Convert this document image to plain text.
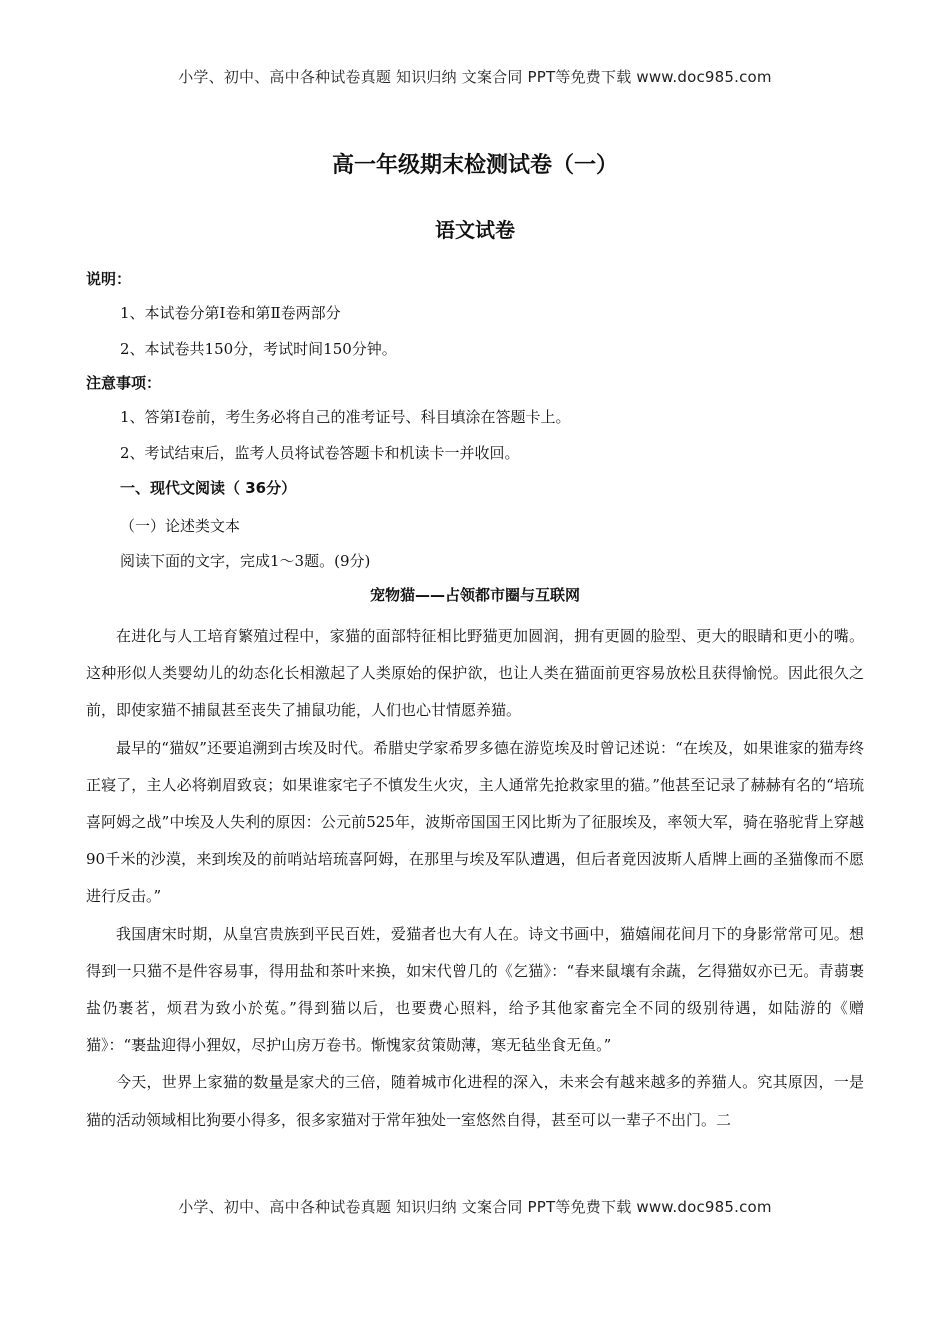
小学、初中、高中各种试卷真题 知识归纳 文案合同 PPT等免费下载 www.doc985.com
高一年级期末检测试卷（一）
语文试卷
说明：
1、本试卷分第Ⅰ卷和第Ⅱ卷两部分
2、本试卷共150分，考试时间150分钟。
注意事项：
1、答第Ⅰ卷前，考生务必将自己的准考证号、科目填涂在答题卡上。
2、考试结束后，监考人员将试卷答题卡和机读卡一并收回。
一、现代文阅读（ 36分）
（一）论述类文本
阅读下面的文字，完成1～3题。(9分)
宠物猫——占领都市圈与互联网

在进化与人工培育繁殖过程中，家猫的面部特征相比野猫更加圆润，拥有更圆的脸型、更大的眼睛和更小的嘴。这种形似人类婴幼儿的幼态化长相激起了人类原始的保护欲，也让人类在猫面前更容易放松且获得愉悦。因此很久之前，即使家猫不捕鼠甚至丧失了捕鼠功能，人们也心甘情愿养猫。

最早的“猫奴”还要追溯到古埃及时代。希腊史学家希罗多德在游览埃及时曾记述说：“在埃及，如果谁家的猫寿终正寝了，主人必将剃眉致哀；如果谁家宅子不慎发生火灾，主人通常先抢救家里的猫。”他甚至记录了赫赫有名的“培琉喜阿姆之战”中埃及人失利的原因：公元前525年，波斯帝国国王冈比斯为了征服埃及，率领大军，骑在骆驼背上穿越90千米的沙漠，来到埃及的前哨站培琉喜阿姆，在那里与埃及军队遭遇，但后者竟因波斯人盾牌上画的圣猫像而不愿进行反击。”

我国唐宋时期，从皇宫贵族到平民百姓，爱猫者也大有人在。诗文书画中，猫嬉闹花间月下的身影常常可见。想得到一只猫不是件容易事，得用盐和茶叶来换，如宋代曾几的《乞猫》：“春来鼠壤有余蔬，乞得猫奴亦已无。青蒻裹盐仍裹茗，烦君为致小於菟。”得到猫以后，也要费心照料，给予其他家畜完全不同的级别待遇，如陆游的《赠猫》：“裹盐迎得小狸奴，尽护山房万卷书。惭愧家贫策勋薄，寒无毡坐食无鱼。”

今天，世界上家猫的数量是家犬的三倍，随着城市化进程的深入，未来会有越来越多的养猫人。究其原因，一是猫的活动领域相比狗要小得多，很多家猫对于常年独处一室悠然自得，甚至可以一辈子不出门。二

小学、初中、高中各种试卷真题 知识归纳 文案合同 PPT等免费下载 www.doc985.com
